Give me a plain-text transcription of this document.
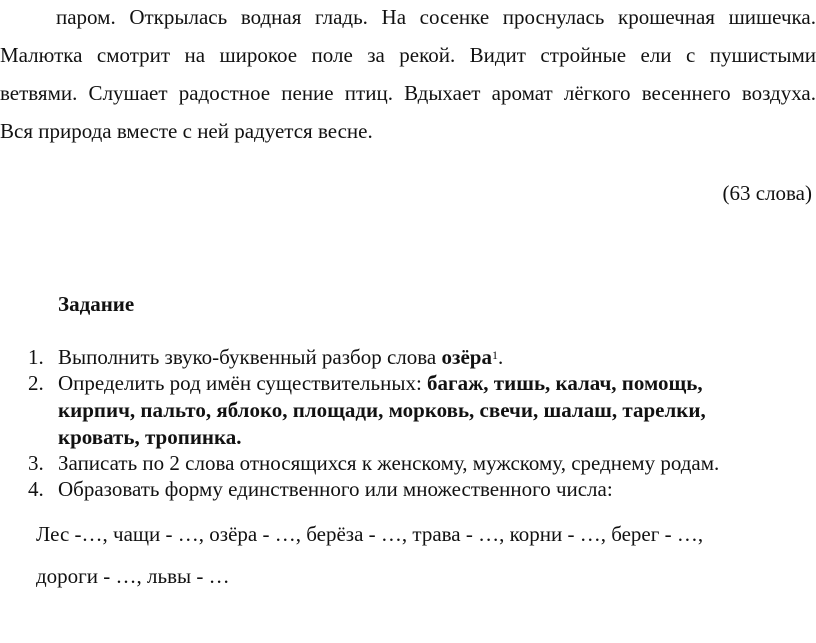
паром. Открылась водная гладь. На сосенке проснулась крошечная шишечка.
Малютка смотрит на широкое поле за рекой. Видит стройные ели с пушистыми
ветвями. Слушает радостное пение птиц. Вдыхает аромат лёгкого весеннего воздуха.
Вся природа вместе с ней радуется весне.
(63 слова)
Задание
1. Выполнить звуко-буквенный разбор слова озёра$^1$.
2. Определить род имён существительных: багаж, тишь, калач, помощь,
кирпич, пальто, яблоко, площади, морковь, свечи, шалаш, тарелки,
кровать, тропинка.
3. Записать по 2 слова относящихся к женскому, мужскому, среднему родам.
4. Образовать форму единственного или множественного числа:
Лес -…, чащи - …, озёра - …, берёза - …, трава - …, корни - …, берег - …,
дороги - …, львы - …
